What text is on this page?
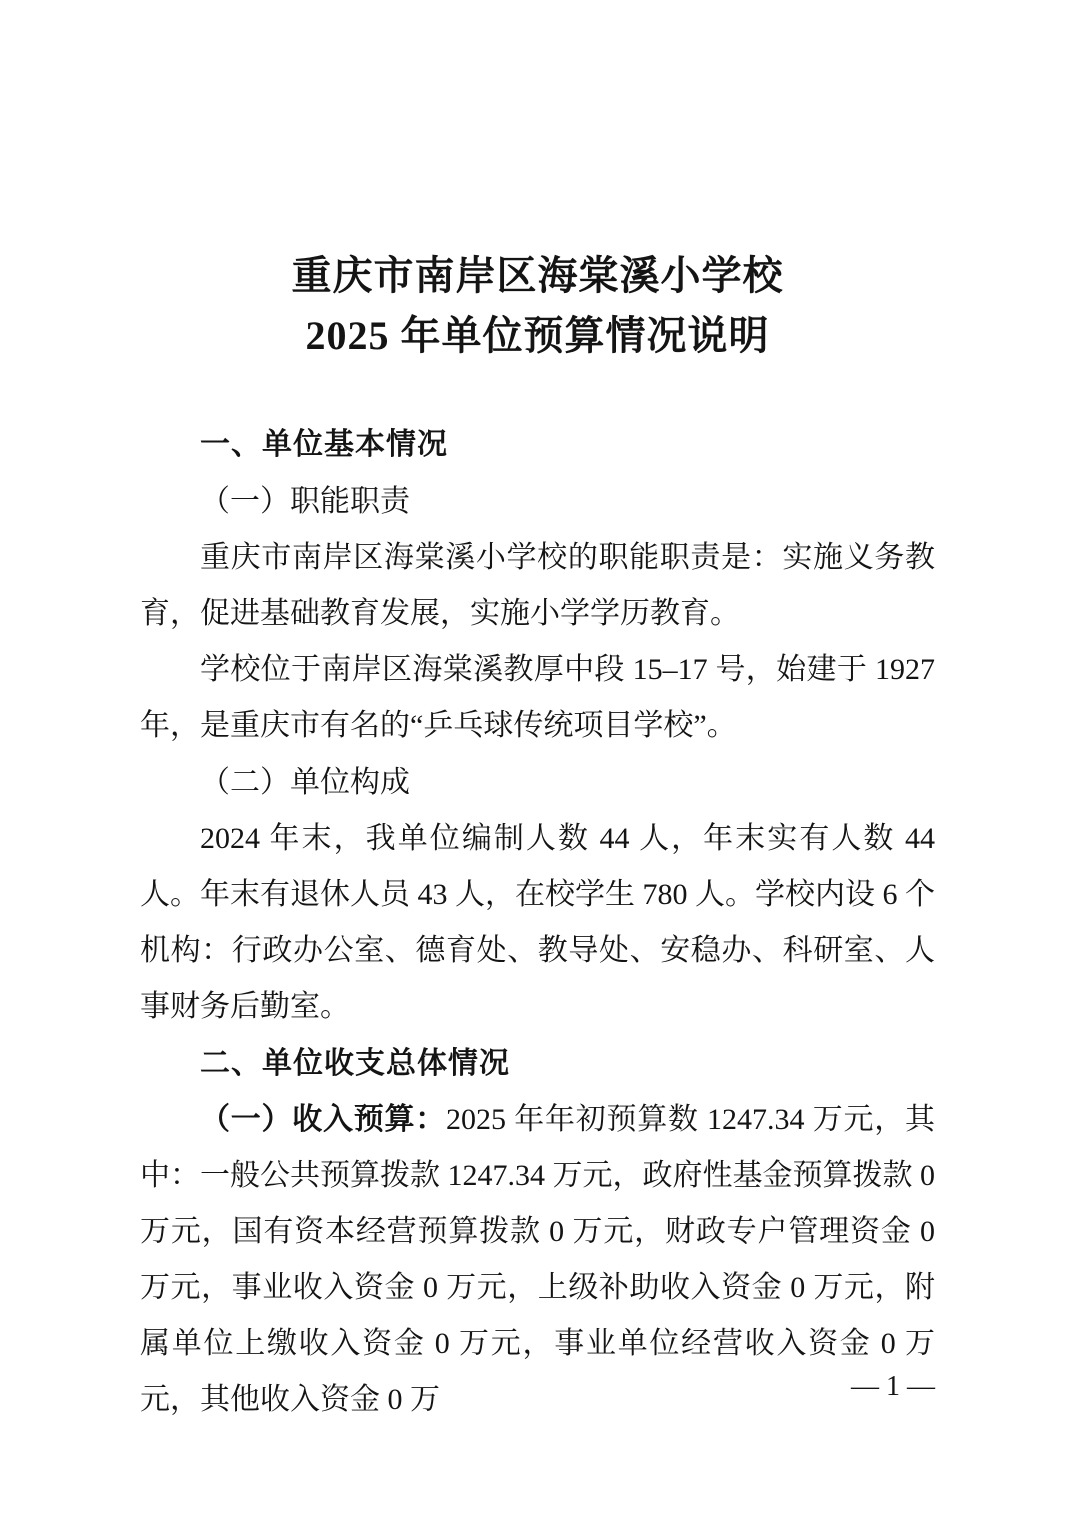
重庆市南岸区海棠溪小学校
2025 年单位预算情况说明

一、单位基本情况

（一）职能职责

重庆市南岸区海棠溪小学校的职能职责是：实施义务教育，促进基础教育发展，实施小学学历教育。

学校位于南岸区海棠溪教厚中段 15–17 号，始建于 1927 年，是重庆市有名的“乒乓球传统项目学校”。

（二）单位构成

2024 年末，我单位编制人数 44 人，年末实有人数 44 人。年末有退休人员 43 人，在校学生 780 人。学校内设 6 个机构：行政办公室、德育处、教导处、安稳办、科研室、人事财务后勤室。

二、单位收支总体情况

（一）收入预算：2025 年年初预算数 1247.34 万元，其中：一般公共预算拨款 1247.34 万元，政府性基金预算拨款 0 万元，国有资本经营预算拨款 0 万元，财政专户管理资金 0 万元，事业收入资金 0 万元，上级补助收入资金 0 万元，附属单位上缴收入资金 0 万元，事业单位经营收入资金 0 万元，其他收入资金 0 万	— 1 —
